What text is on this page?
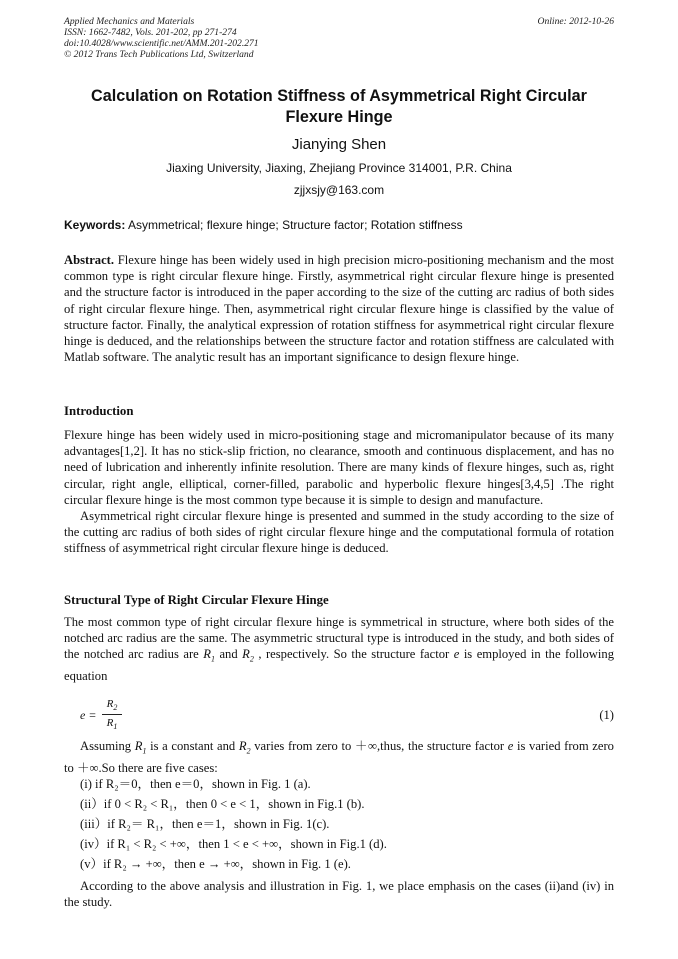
Applied Mechanics and Materials
ISSN: 1662-7482, Vols. 201-202, pp 271-274
doi:10.4028/www.scientific.net/AMM.201-202.271
© 2012 Trans Tech Publications Ltd, Switzerland
Online: 2012-10-26
Calculation on Rotation Stiffness of Asymmetrical Right Circular Flexure Hinge
Jianying Shen
Jiaxing University, Jiaxing, Zhejiang Province 314001, P.R. China
zjjxsjy@163.com
Keywords: Asymmetrical; flexure hinge; Structure factor; Rotation stiffness
Abstract. Flexure hinge has been widely used in high precision micro-positioning mechanism and the most common type is right circular flexure hinge. Firstly, asymmetrical right circular flexure hinge is presented and the structure factor is introduced in the paper according to the size of the cutting arc radius of both sides of right circular flexure hinge. Then, asymmetrical right circular flexure hinge is classified by the value of structure factor. Finally, the analytical expression of rotation stiffness for asymmetrical right circular flexure hinge is deduced, and the relationships between the structure factor and rotation stiffness are calculated with Matlab software. The analytic result has an important significance to design flexure hinge.
Introduction
Flexure hinge has been widely used in micro-positioning stage and micromanipulator because of its many advantages[1,2]. It has no stick-slip friction, no clearance, smooth and continuous displacement, and has no need of lubrication and inherently infinite resolution. There are many kinds of flexure hinges, such as, right circular, right angle, elliptical, corner-filled, parabolic and hyperbolic flexure hinges[3,4,5] .The right circular flexure hinge is the most common type because it is simple to design and manufacture.
Asymmetrical right circular flexure hinge is presented and summed in the study according to the size of the cutting arc radius of both sides of right circular flexure hinge and the computational formula of rotation stiffness of asymmetrical right circular flexure hinge is deduced.
Structural Type of Right Circular Flexure Hinge
The most common type of right circular flexure hinge is symmetrical in structure, where both sides of the notched arc radius are the same. The asymmetric structural type is introduced in the study, and both sides of the notched arc radius are $R_1$ and $R_2$ , respectively. So the structure factor e is employed in the following equation
$e = \frac{R_2}{R_1}$	(1)
Assuming $R_1$ is a constant and $R_2$ varies from zero to ＋∞,thus, the structure factor e is varied from zero to ＋∞.So there are five cases:
(i) if R₂＝0，then e＝0，shown in Fig. 1 (a).
(ii）if 0 < R₂ < R₁，then 0 < e < 1，shown in Fig.1 (b).
(iii）if R₂＝ R₁，then e＝1，shown in Fig. 1(c).
(iv）if R₁ < R₂ < +∞，then 1 < e < +∞，shown in Fig.1 (d).
(v）if R₂ → +∞，then e → +∞，shown in Fig. 1 (e).
According to the above analysis and illustration in Fig. 1, we place emphasis on the cases (ii)and (iv) in the study.
